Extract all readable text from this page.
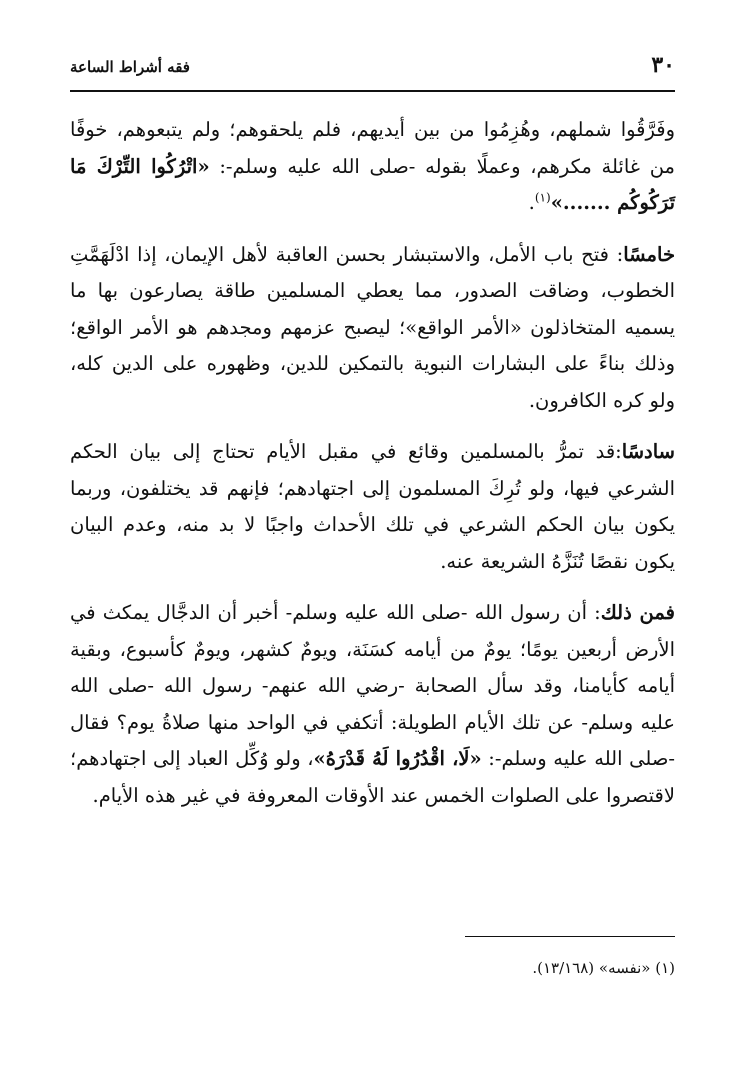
٣٠
فقه أشراط الساعة

وفَرَّقُوا شملهم، وهُزِمُوا من بين أيديهم، فلم يلحقوهم؛ ولم يتبعوهم، خوفًا من غائلة مكرهم، وعملًا بقوله -صلى الله عليه وسلم-: «اتْرُكُوا التِّرْكَ مَا تَرَكُوكُم .......»$^{(١)}$.

خامسًا: فتح باب الأمل، والاستبشار بحسن العاقبة لأهل الإيمان، إذا ادْلَهَمَّتِ الخطوب، وضاقت الصدور، مما يعطي المسلمين طاقة يصارعون بها ما يسميه المتخاذلون «الأمر الواقع»؛ ليصبح عزمهم ومجدهم هو الأمر الواقع؛ وذلك بناءً على البشارات النبوية بالتمكين للدين، وظهوره على الدين كله، ولو كره الكافرون.

سادسًا:قد تمرُّ بالمسلمين وقائع في مقبل الأيام تحتاج إلى بيان الحكم الشرعي فيها، ولو تُرِكَ المسلمون إلى اجتهادهم؛ فإنهم قد يختلفون، وربما يكون بيان الحكم الشرعي في تلك الأحداث واجبًا لا بد منه، وعدم البيان يكون نقصًا تُنَزَّهُ الشريعة عنه.

فمن ذلك: أن رسول الله -صلى الله عليه وسلم- أخبر أن الدجَّال يمكث في الأرض أربعين يومًا؛ يومٌ من أيامه كسَنَة، ويومٌ كشهر، ويومٌ كأسبوع، وبقية أيامه كأيامنا، وقد سأل الصحابة -رضي الله عنهم- رسول الله -صلى الله عليه وسلم- عن تلك الأيام الطويلة: أتكفي في الواحد منها صلاةُ يوم؟ فقال -صلى الله عليه وسلم-: «لَا، اقْدُرُوا لَهُ قَدْرَهُ»، ولو وُكِّل العباد إلى اجتهادهم؛ لاقتصروا على الصلوات الخمس عند الأوقات المعروفة في غير هذه الأيام.

(١) «نفسه» (١٣/١٦٨).
